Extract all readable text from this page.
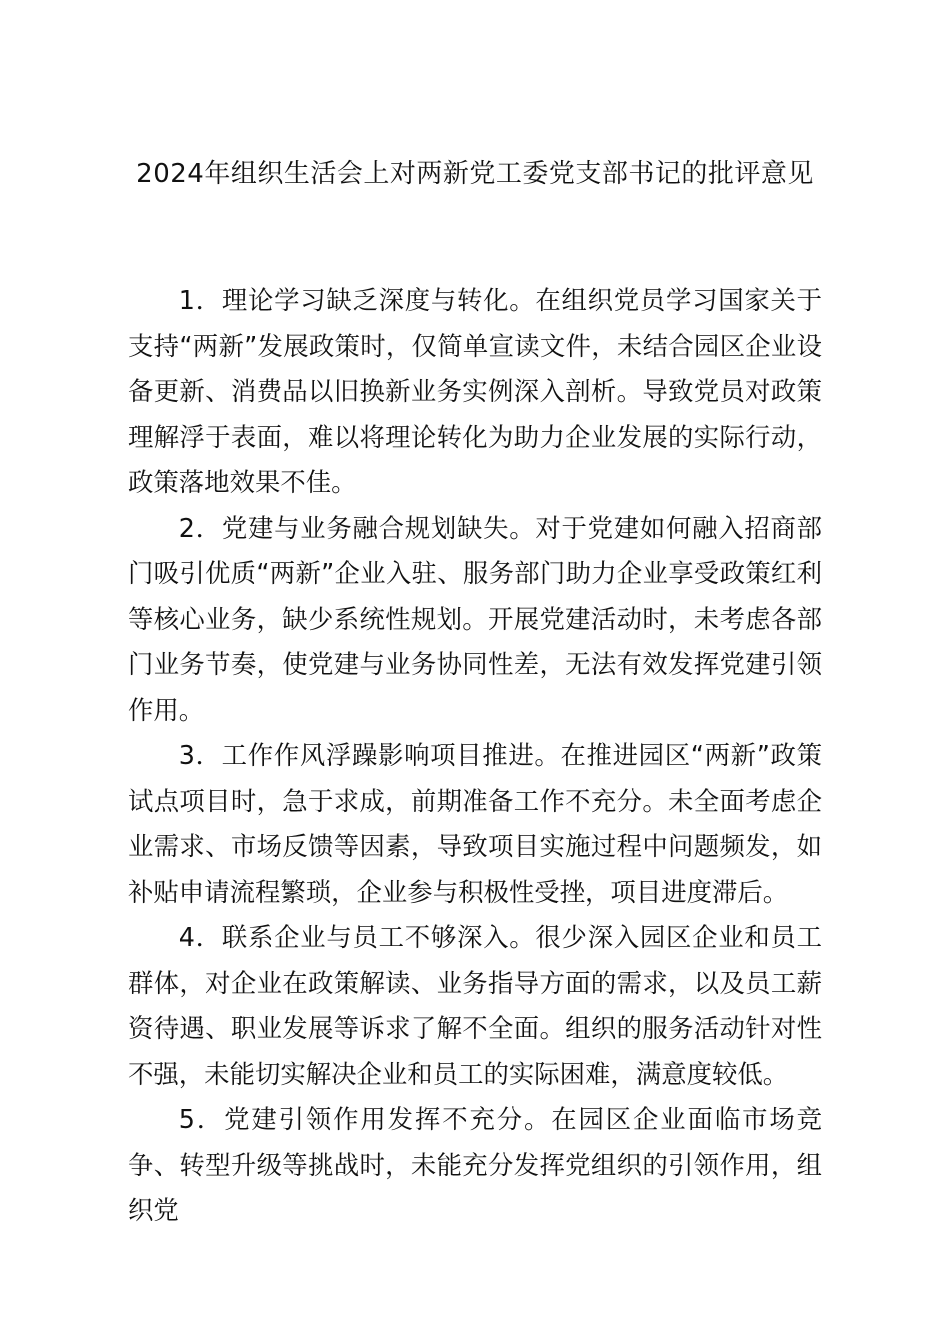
2024年组织生活会上对两新党工委党支部书记的批评意见

1．理论学习缺乏深度与转化。在组织党员学习国家关于支持“两新”发展政策时，仅简单宣读文件，未结合园区企业设备更新、消费品以旧换新业务实例深入剖析。导致党员对政策理解浮于表面，难以将理论转化为助力企业发展的实际行动，政策落地效果不佳。

2．党建与业务融合规划缺失。对于党建如何融入招商部门吸引优质“两新”企业入驻、服务部门助力企业享受政策红利等核心业务，缺少系统性规划。开展党建活动时，未考虑各部门业务节奏，使党建与业务协同性差，无法有效发挥党建引领作用。

3．工作作风浮躁影响项目推进。在推进园区“两新”政策试点项目时，急于求成，前期准备工作不充分。未全面考虑企业需求、市场反馈等因素，导致项目实施过程中问题频发，如补贴申请流程繁琐，企业参与积极性受挫，项目进度滞后。

4．联系企业与员工不够深入。很少深入园区企业和员工群体，对企业在政策解读、业务指导方面的需求，以及员工薪资待遇、职业发展等诉求了解不全面。组织的服务活动针对性不强，未能切实解决企业和员工的实际困难，满意度较低。

5．党建引领作用发挥不充分。在园区企业面临市场竞争、转型升级等挑战时，未能充分发挥党组织的引领作用，组织党
